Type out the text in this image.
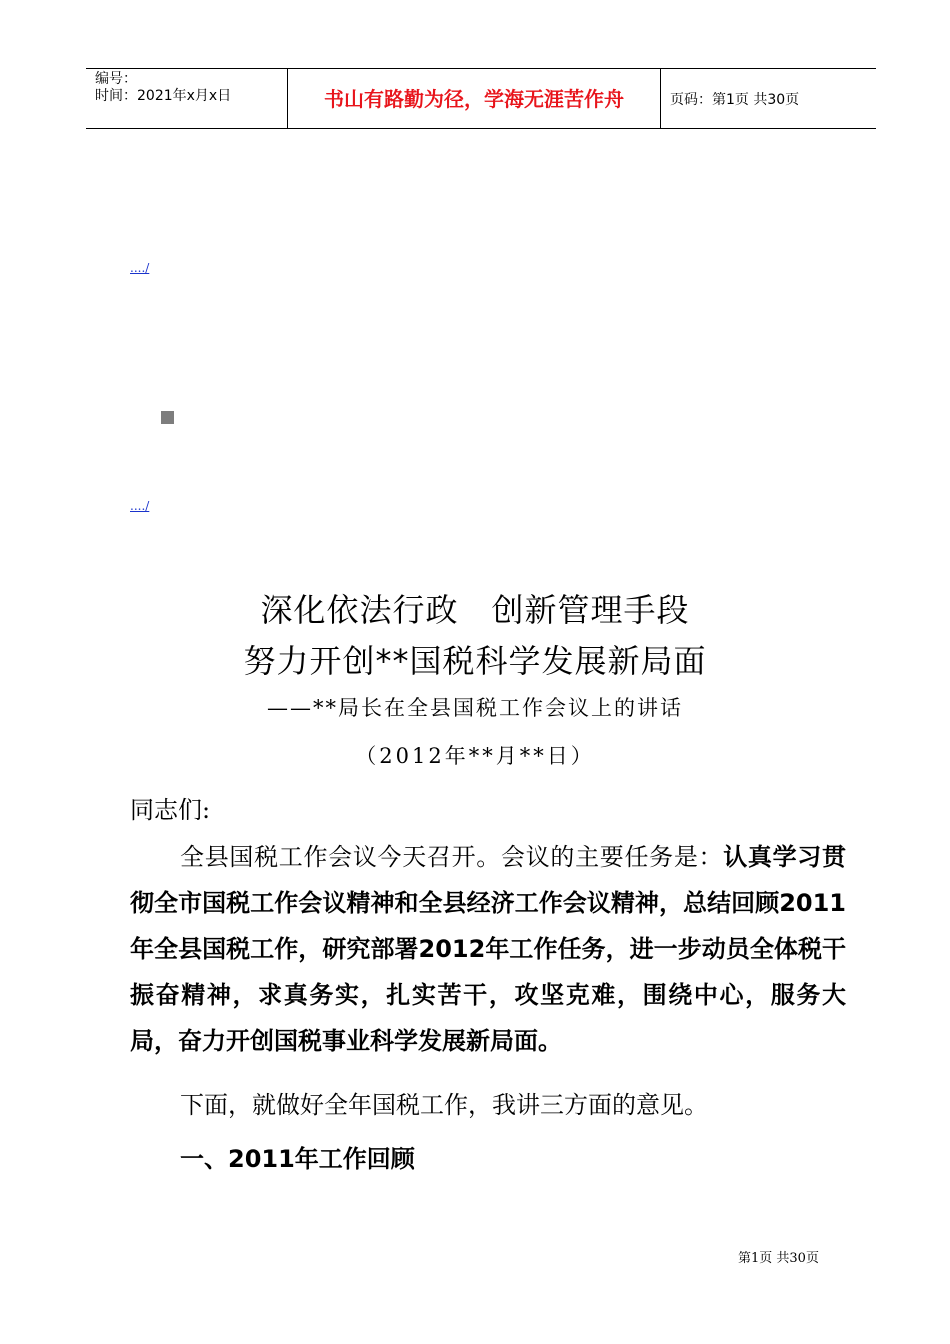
编号：
时间：2021年x月x日	书山有路勤为径，学海无涯苦作舟	页码：第1页 共30页
..../
..../
深化依法行政　创新管理手段
努力开创**国税科学发展新局面
——**局长在全县国税工作会议上的讲话
（2012年**月**日）
同志们:
全县国税工作会议今天召开。会议的主要任务是：认真学习贯彻全市国税工作会议精神和全县经济工作会议精神，总结回顾2011年全县国税工作，研究部署2012年工作任务，进一步动员全体税干振奋精神，求真务实，扎实苦干，攻坚克难，围绕中心，服务大局，奋力开创国税事业科学发展新局面。
下面，就做好全年国税工作，我讲三方面的意见。
一、2011年工作回顾
第1页 共30页
